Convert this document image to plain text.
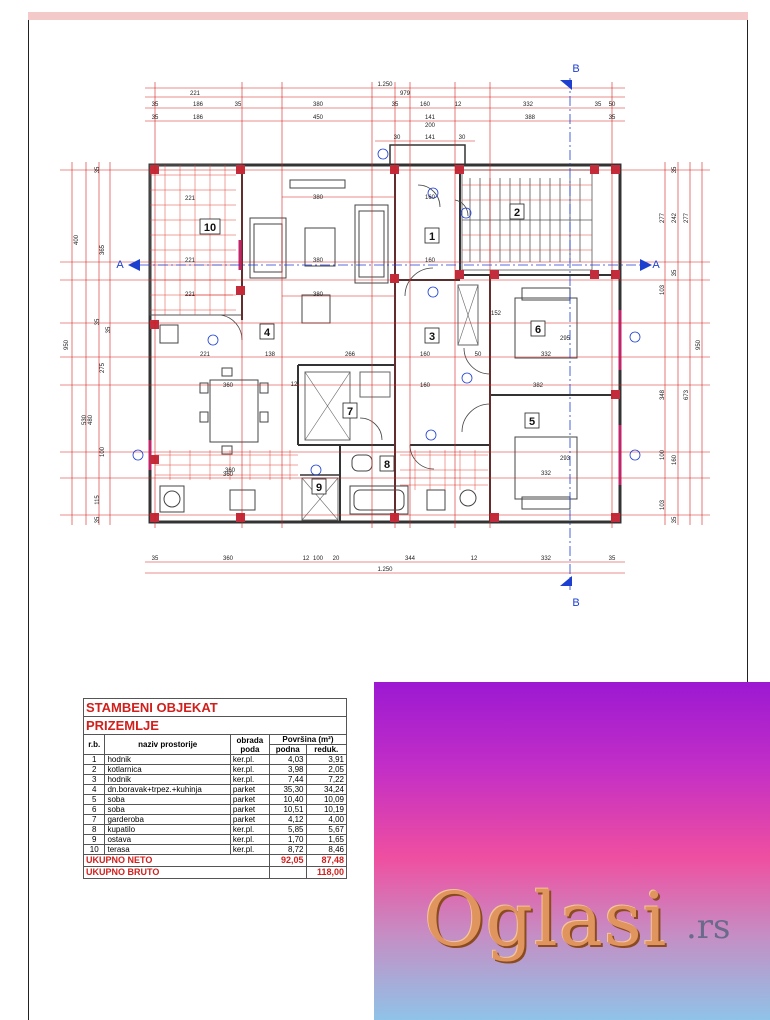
1.250
221	979
35	186	35	380	35	160	12	332	35 50
35	186	450	141	388	35
30	141	30
200
35	360	12 100 20	344	12	332	35
1.250
35
400
365
35
275
35
950
530
100
480
115
35
35
277 242 277
103
35
950
348	673
100 160
103
35
221
221
221
380
380
380
160
160
221	138	266	160
382
332
332
360
360
360
12	160
50
152
295
293
1
2
3
4
5
6
7
8
9
10
A	A
B
B
STAMBENI OBJEKAT				
PRIZEMLJE				
r.b.	naziv prostorije	obrada poda	Površina (m²)	
			podna	reduk.
1	hodnik	ker.pl.	4,03	3,91
2	kotlarnica	ker.pl.	3,98	2,05
3	hodnik	ker.pl.	7,44	7,22
4	dn.boravak+trpez.+kuhinja	parket	35,30	34,24
5	soba	parket	10,40	10,09
6	soba	parket	10,51	10,19
7	garderoba	parket	4,12	4,00
8	kupatilo	ker.pl.	5,85	5,67
9	ostava	ker.pl.	1,70	1,65
10	terasa	ker.pl.	8,72	8,46
UKUPNO NETO			92,05	87,48
UKUPNO BRUTO				118,00
Oglasi .rs
